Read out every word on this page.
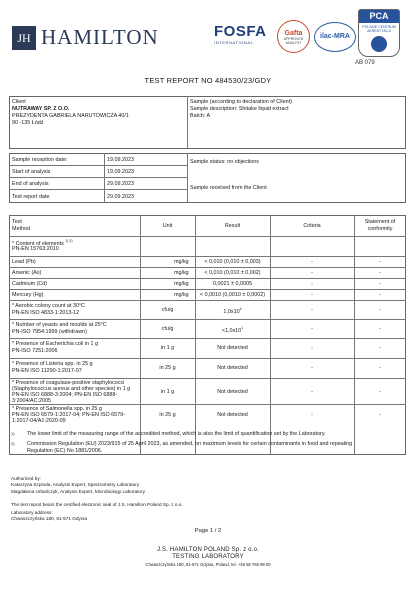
JH HAMILTON	FOSFA
INTERNATIONAL
Gafta
APPROVED
ANALYST
ilac-MRA
PCA
POLSKIE CENTRUM AKREDYTACJI
AB 079
TEST REPORT NO 484530/23/GDY
Client
NUTRAWAY SP. Z O.O.
PREZYDENTA GABRIELA NARUTOWICZA 40/1
90 -135 Łódź
Sample (according to declaration of Client)
Sample description: Shitake liquid extract
Batch: A
Sample reception date:	19.09.2023
Start of analysis	19.09.2023
End of analysis	29.09.2023
Test report date	29.09.2023
Sample status: no objections
Sample received from the Client
Test
Method	Unit	Result	Criteria
Statement of
conformity
* Content of elements $^{1) 2)}$
PN-EN 15763:2010
Lead (Pb)	mg/kg	< 0,010 (0,010 ± 0,003)	-	-
Arsenic (As)	mg/kg	< 0,010 (0,010 ± 0,002)	-	-
Cadmium (Cd)	mg/kg	0,0021 ± 0,0005	-	-
Mercury (Hg)	mg/kg	< 0,0010 (0,0010 ± 0,0002)	-	-
* Aerobic colony count at 30°C
PN-EN ISO 4833-1:2013-12	cfu/g	$1,0x10^4$	-	-
* Number of yeasts and moulds at 25°C
PN-ISO 7954:1999 (withdrawn)	cfu/g	$<1,0x10^1$	-	-
* Presence of Escherichia coli in 1 g
PN-ISO 7251:2006	in 1 g	Not detected	-	-
* Presence of Listeria spp. in 25 g
PN-EN ISO 11290-1:2017-07	in 25 g	Not detected	-	-
* Presence of coagulase-positive staphylococci
(Staphylococcus aureus and other species) in 1 g
PN-EN ISO 6888-3:2004; PN-EN ISO 6888-
3:2004/AC:2005
in 1 g	Not detected	-	-
* Presence of Salmonella spp. in 25 g
PN-EN ISO 6579-1:2017-04; PN-EN ISO 6579-
1:2017-04/A1:2020-09
in 25 g	Not detected	-	-
1) The lower limit of the measuring range of the accredited method, which is also the limit of quantification set by the Laboratory.
2) Commission Regulation (EU) 2023/915 of 25 April 2023, as amended, on maximum levels for certain contaminants in food and repealing
Regulation (EC) No 1881/2006.
Authorized by:
Katarzyna Szpinda, Analysis Expert, Spectrometry Laboratory
Magdalena Urbańczyk, Analysis Expert, Microbiology Laboratory
The test report bears the certified electronic seal of J.S. Hamilton Poland Sp. z o.o.
Laboratory address:
Chwaszczyńska 180, 81-571 Gdynia
Page 1 / 2
J.S. HAMILTON POLAND Sp. z o.o.
TESTING LABORATORY
Chwaszczyńska 180, 81-571 Gdynia, Poland, tel. +48 58 766 99 00
